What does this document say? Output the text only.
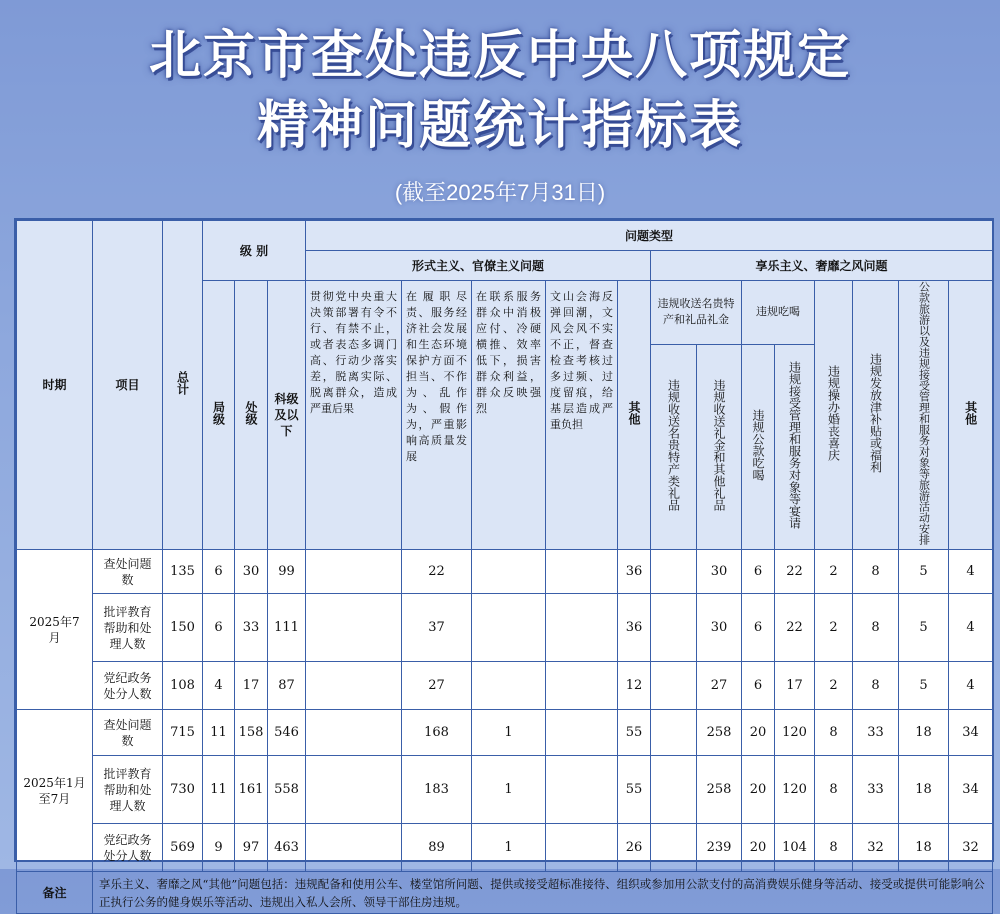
北京市查处违反中央八项规定
精神问题统计指标表
(截至2025年7月31日)
时期	项目	总计	级 别			问题类型												
						形式主义、官僚主义问题					享乐主义、奢靡之风问题							
			局级	处级	科级及以下	贯彻党中央重大决策部署有令不行、有禁不止，或者表态多调门高、行动少落实差，脱离实际、脱离群众，造成严重后果	在履职尽责、服务经济社会发展和生态环境保护方面不担当、不作为、乱作为、假作为，严重影响高质量发展	在联系服务群众中消极应付、冷硬横推、效率低下，损害群众利益，群众反映强烈	文山会海反弹回潮，文风会风不实不正，督查检查考核过多过频、过度留痕，给基层造成严重负担	其他	违规收送名贵特产和礼品礼金		违规吃喝		违规操办婚丧喜庆	违规发放津补贴或福利	公款旅游以及违规接受管理和服务对象等旅游活动安排	其他
											违规收送名贵特产类礼品	违规收送礼金和其他礼品	违规公款吃喝	违规接受管理和服务对象等宴请				
2025年7月	查处问题数	135	6	30	99		22			36		30	6	22	2	8	5	4
	批评教育帮助和处理人数	150	6	33	111		37			36		30	6	22	2	8	5	4
	党纪政务处分人数	108	4	17	87		27			12		27	6	17	2	8	5	4
2025年1月至7月	查处问题数	715	11	158	546		168	1		55		258	20	120	8	33	18	34
	批评教育帮助和处理人数	730	11	161	558		183	1		55		258	20	120	8	33	18	34
	党纪政务处分人数	569	9	97	463		89	1		26		239	20	104	8	32	18	32
备注	享乐主义、奢靡之风“其他”问题包括：违规配备和使用公车、楼堂馆所问题、提供或接受超标准接待、组织或参加用公款支付的高消费娱乐健身等活动、接受或提供可能影响公正执行公务的健身娱乐等活动、违规出入私人会所、领导干部住房违规。																	
